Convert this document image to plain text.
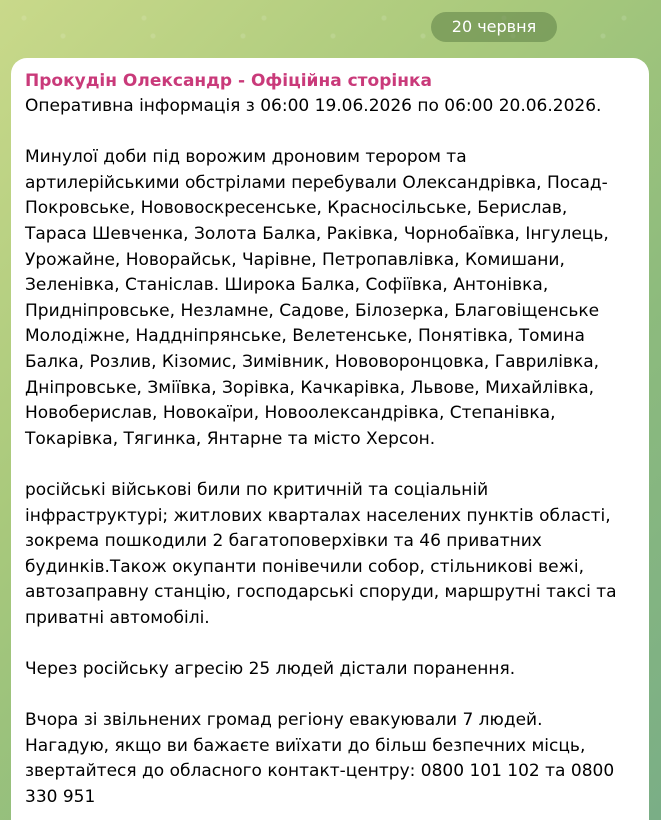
20 червня
Прокудін Олександр - Офіційна сторінка
Оперативна інформація з 06:00 19.06.2026 по 06:00 20.06.2026.
Минулої доби під ворожим дроновим терором та
артилерійськими обстрілами перебували Олександрівка, Посад-
Покровське, Нововоскресенське, Красносільське, Берислав,
Тараса Шевченка, Золота Балка, Раківка, Чорнобаївка, Інгулець,
Урожайне, Новорайськ, Чарівне, Петропавлівка, Комишани,
Зеленівка, Станіслав. Широка Балка, Софіївка, Антонівка,
Придніпровське, Незламне, Садове, Білозерка, Благовіщенське
Молодіжне, Наддніпрянське, Велетенське, Понятівка, Томина
Балка, Розлив, Кізомис, Зимівник, Нововоронцовка, Гаврилівка,
Дніпровське, Зміївка, Зорівка, Качкарівка, Львове, Михайлівка,
Новоберислав, Новокаїри, Новоолександрівка, Степанівка,
Токарівка, Тягинка, Янтарне та місто Херсон.
російські військові били по критичній та соціальній
інфраструктурі; житлових кварталах населених пунктів області,
зокрема пошкодили 2 багатоповерхівки та 46 приватних
будинків.Також окупанти понівечили собор, стільникові вежі,
автозаправну станцію, господарські споруди, маршрутні таксі та
приватні автомобілі.
Через російську агресію 25 людей дістали поранення.
Вчора зі звільнених громад регіону евакуювали 7 людей.
Нагадую, якщо ви бажаєте виїхати до більш безпечних місць,
звертайтеся до обласного контакт-центру: 0800 101 102 та 0800
330 951
